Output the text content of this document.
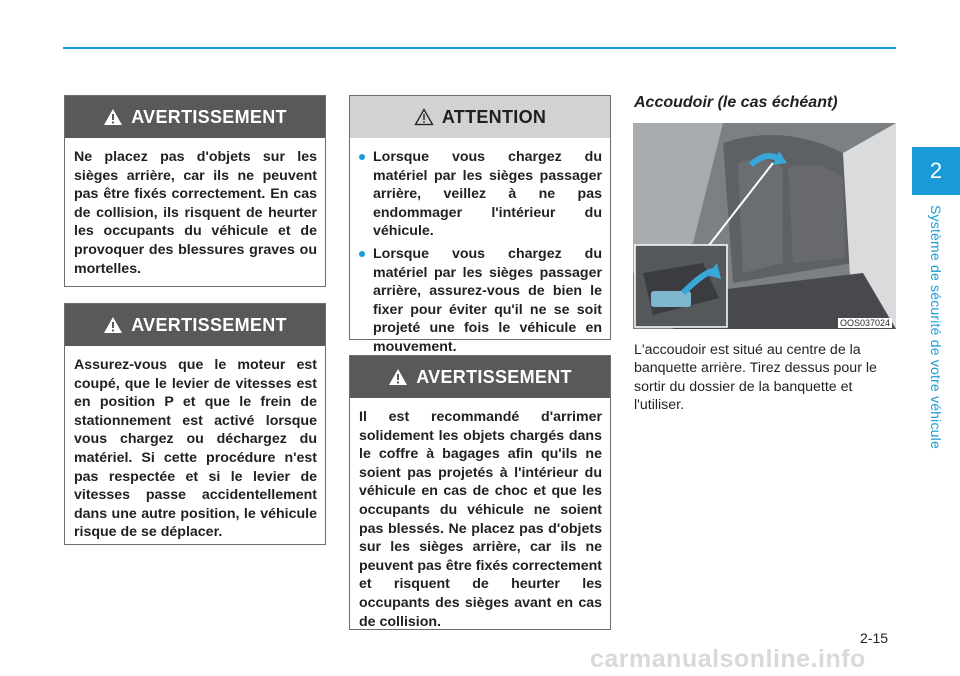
2
Système de sécurité de votre véhicule
AVERTISSEMENT
Ne placez pas d'objets sur les sièges arrière, car ils ne peuvent pas être fixés correctement. En cas de collision, ils risquent de heurter les occupants du véhicule et de provoquer des blessures graves ou mortelles.
AVERTISSEMENT
Assurez-vous que le moteur est coupé, que le levier de vitesses est en position P et que le frein de stationnement est activé lorsque vous chargez ou déchargez du matériel. Si cette procédure n'est pas respectée et si le levier de vitesses passe accidentellement dans une autre position, le véhicule risque de se déplacer.
ATTENTION
Lorsque vous chargez du matériel par les sièges passager arrière, veillez à ne pas endommager l'intérieur du véhicule.
Lorsque vous chargez du matériel par les sièges passager arrière, assurez-vous de bien le fixer pour éviter qu'il ne se soit projeté une fois le véhicule en mouvement.
AVERTISSEMENT
Il est recommandé d'arrimer solidement les objets chargés dans le coffre à bagages afin qu'ils ne soient pas projetés à l'intérieur du véhicule en cas de choc et que les occupants du véhicule ne soient pas blessés. Ne placez pas d'objets sur les sièges arrière, car ils ne peuvent pas être fixés correctement et risquent de heurter les occupants des sièges avant en cas de collision.
Accoudoir (le cas échéant)
OOS037024
L'accoudoir est situé au centre de la banquette arrière. Tirez dessus pour le sortir du dossier de la banquette et l'utiliser.
2-15
carmanualsonline.info
